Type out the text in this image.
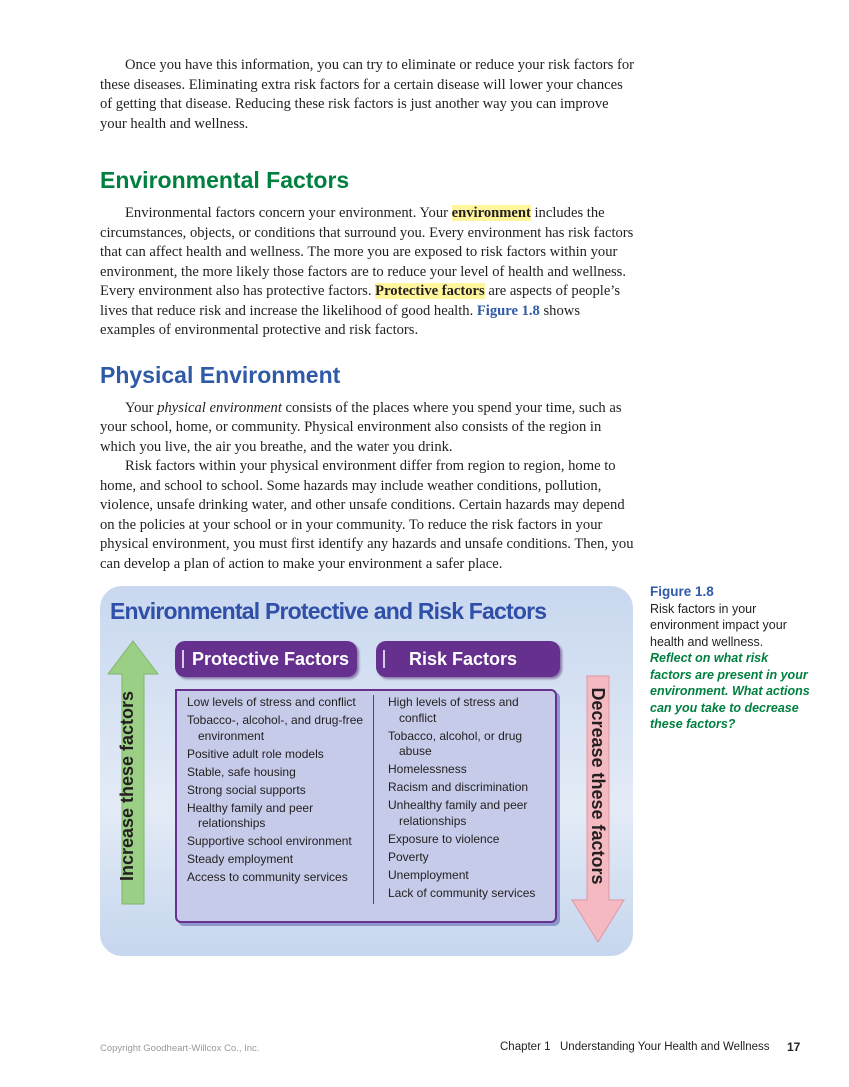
Once you have this information, you can try to eliminate or reduce your risk factors for these diseases. Eliminating extra risk factors for a certain disease will lower your chances of getting that disease. Reducing these risk factors is just another way you can improve your health and wellness.

Environmental Factors

Environmental factors concern your environment. Your environment includes the circumstances, objects, or conditions that surround you. Every environment has risk factors that can affect health and wellness. The more you are exposed to risk factors within your environment, the more likely those factors are to reduce your level of health and wellness. Every environment also has protective factors. Protective factors are aspects of people’s lives that reduce risk and increase the likelihood of good health. Figure 1.8 shows examples of environmental protective and risk factors.

Physical Environment

Your physical environment consists of the places where you spend your time, such as your school, home, or community. Physical environment also consists of the region in which you live, the air you breathe, and the water you drink.

Risk factors within your physical environment differ from region to region, home to home, and school to school. Some hazards may include weather conditions, pollution, violence, unsafe drinking water, and other unsafe conditions. Certain hazards may depend on the policies at your school or in your community. To reduce the risk factors in your physical environment, you must first identify any hazards and unsafe conditions. Then, you can develop a plan of action to make your environment a safer place.

Environmental Protective and Risk Factors
Increase these factors	Decrease these factors
Protective Factors	Risk Factors
Low levels of stress and conflict
Tobacco-, alcohol-, and drug-free environment
Positive adult role models
Stable, safe housing
Strong social supports
Healthy family and peer relationships
Supportive school environment
Steady employment
Access to community services
High levels of stress and conflict
Tobacco, alcohol, or drug abuse
Homelessness
Racism and discrimination
Unhealthy family and peer relationships
Exposure to violence
Poverty
Unemployment
Lack of community services
Figure 1.8
Risk factors in your environment impact your health and wellness.
Reflect on what risk factors are present in your environment. What actions can you take to decrease these factors?
Copyright Goodheart-Willcox Co., Inc.	Chapter 1 Understanding Your Health and Wellness 17
